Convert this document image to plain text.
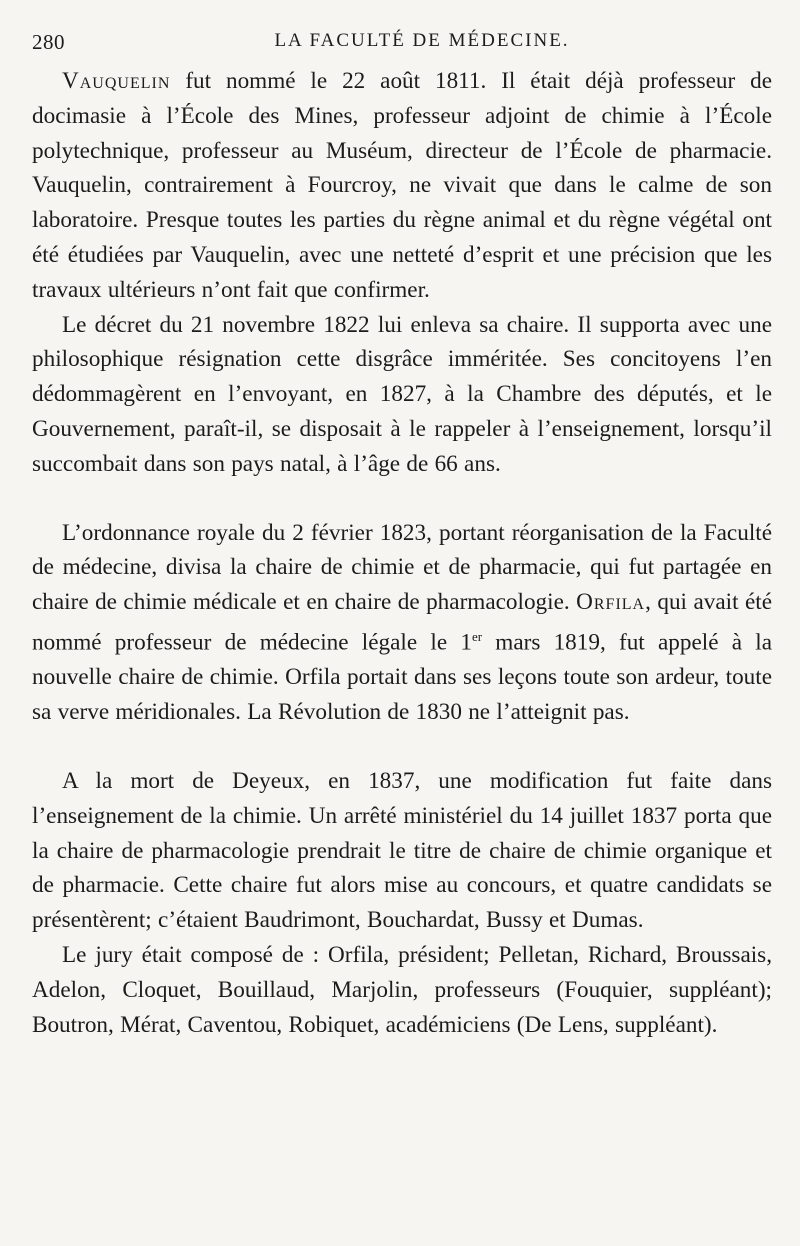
280	LA FACULTÉ DE MÉDECINE.

Vauquelin fut nommé le 22 août 1811. Il était déjà professeur de docimasie à l’École des Mines, professeur adjoint de chimie à l’École polytechnique, professeur au Muséum, directeur de l’École de pharmacie. Vauquelin, contrairement à Fourcroy, ne vivait que dans le calme de son laboratoire. Presque toutes les parties du règne animal et du règne végétal ont été étudiées par Vauquelin, avec une netteté d’esprit et une précision que les travaux ultérieurs n’ont fait que confirmer.

Le décret du 21 novembre 1822 lui enleva sa chaire. Il supporta avec une philosophique résignation cette disgrâce imméritée. Ses concitoyens l’en dédommagèrent en l’envoyant, en 1827, à la Chambre des députés, et le Gouvernement, paraît-il, se disposait à le rappeler à l’enseignement, lorsqu’il succombait dans son pays natal, à l’âge de 66 ans.

L’ordonnance royale du 2 février 1823, portant réorganisation de la Faculté de médecine, divisa la chaire de chimie et de pharmacie, qui fut partagée en chaire de chimie médicale et en chaire de pharmacologie. Orfila, qui avait été nommé professeur de médecine légale le 1er mars 1819, fut appelé à la nouvelle chaire de chimie. Orfila portait dans ses leçons toute son ardeur, toute sa verve méridionales. La Révolution de 1830 ne l’atteignit pas.

A la mort de Deyeux, en 1837, une modification fut faite dans l’enseignement de la chimie. Un arrêté ministériel du 14 juillet 1837 porta que la chaire de pharmacologie prendrait le titre de chaire de chimie organique et de pharmacie. Cette chaire fut alors mise au concours, et quatre candidats se présentèrent; c’étaient Baudrimont, Bouchardat, Bussy et Dumas.

Le jury était composé de : Orfila, président; Pelletan, Richard, Broussais, Adelon, Cloquet, Bouillaud, Marjolin, professeurs (Fouquier, suppléant); Boutron, Mérat, Caventou, Robiquet, académiciens (De Lens, suppléant).
